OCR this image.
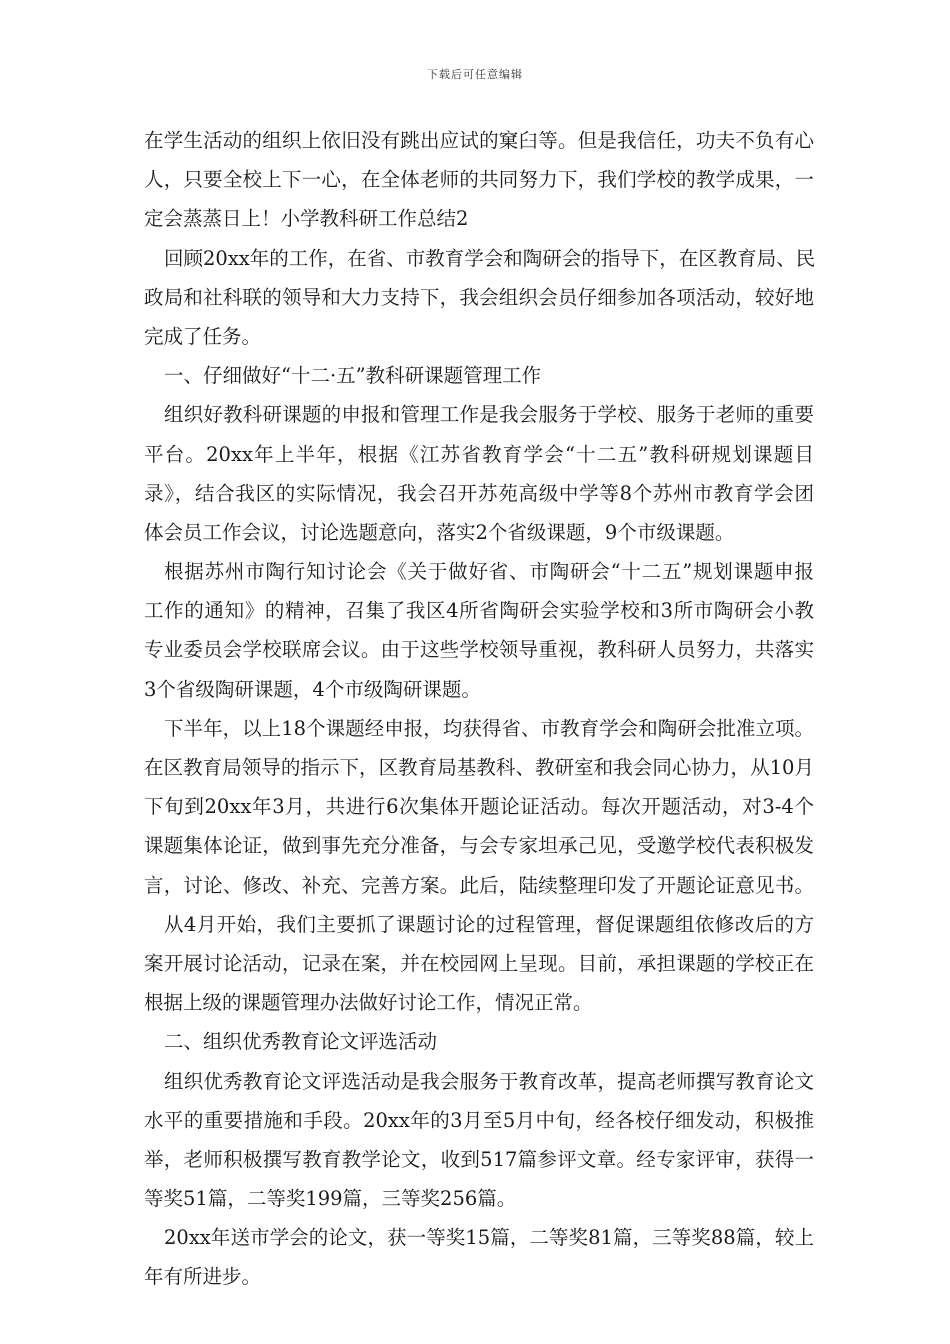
下载后可任意编辑
在学生活动的组织上依旧没有跳出应试的窠臼等。但是我信任，功夫不负有心
人，只要全校上下一心，在全体老师的共同努力下，我们学校的教学成果，一
定会蒸蒸日上！小学教科研工作总结2
回顾20xx年的工作，在省、市教育学会和陶研会的指导下，在区教育局、民
政局和社科联的领导和大力支持下，我会组织会员仔细参加各项活动，较好地
完成了任务。
一、仔细做好“十二·五”教科研课题管理工作
组织好教科研课题的申报和管理工作是我会服务于学校、服务于老师的重要
平台。20xx年上半年，根据《江苏省教育学会“十二五”教科研规划课题目
录》，结合我区的实际情况，我会召开苏苑高级中学等8个苏州市教育学会团
体会员工作会议，讨论选题意向，落实2个省级课题，9个市级课题。
根据苏州市陶行知讨论会《关于做好省、市陶研会“十二五”规划课题申报
工作的通知》的精神，召集了我区4所省陶研会实验学校和3所市陶研会小教
专业委员会学校联席会议。由于这些学校领导重视，教科研人员努力，共落实
3个省级陶研课题，4个市级陶研课题。
下半年，以上18个课题经申报，均获得省、市教育学会和陶研会批准立项。
在区教育局领导的指示下，区教育局基教科、教研室和我会同心协力，从10月
下旬到20xx年3月，共进行6次集体开题论证活动。每次开题活动，对3-4个
课题集体论证，做到事先充分准备，与会专家坦承己见，受邀学校代表积极发
言，讨论、修改、补充、完善方案。此后，陆续整理印发了开题论证意见书。
从4月开始，我们主要抓了课题讨论的过程管理，督促课题组依修改后的方
案开展讨论活动，记录在案，并在校园网上呈现。目前，承担课题的学校正在
根据上级的课题管理办法做好讨论工作，情况正常。
二、组织优秀教育论文评选活动
组织优秀教育论文评选活动是我会服务于教育改革，提高老师撰写教育论文
水平的重要措施和手段。20xx年的3月至5月中旬，经各校仔细发动，积极推
举，老师积极撰写教育教学论文，收到517篇参评文章。经专家评审，获得一
等奖51篇，二等奖199篇，三等奖256篇。
20xx年送市学会的论文，获一等奖15篇，二等奖81篇，三等奖88篇，较上
年有所进步。
